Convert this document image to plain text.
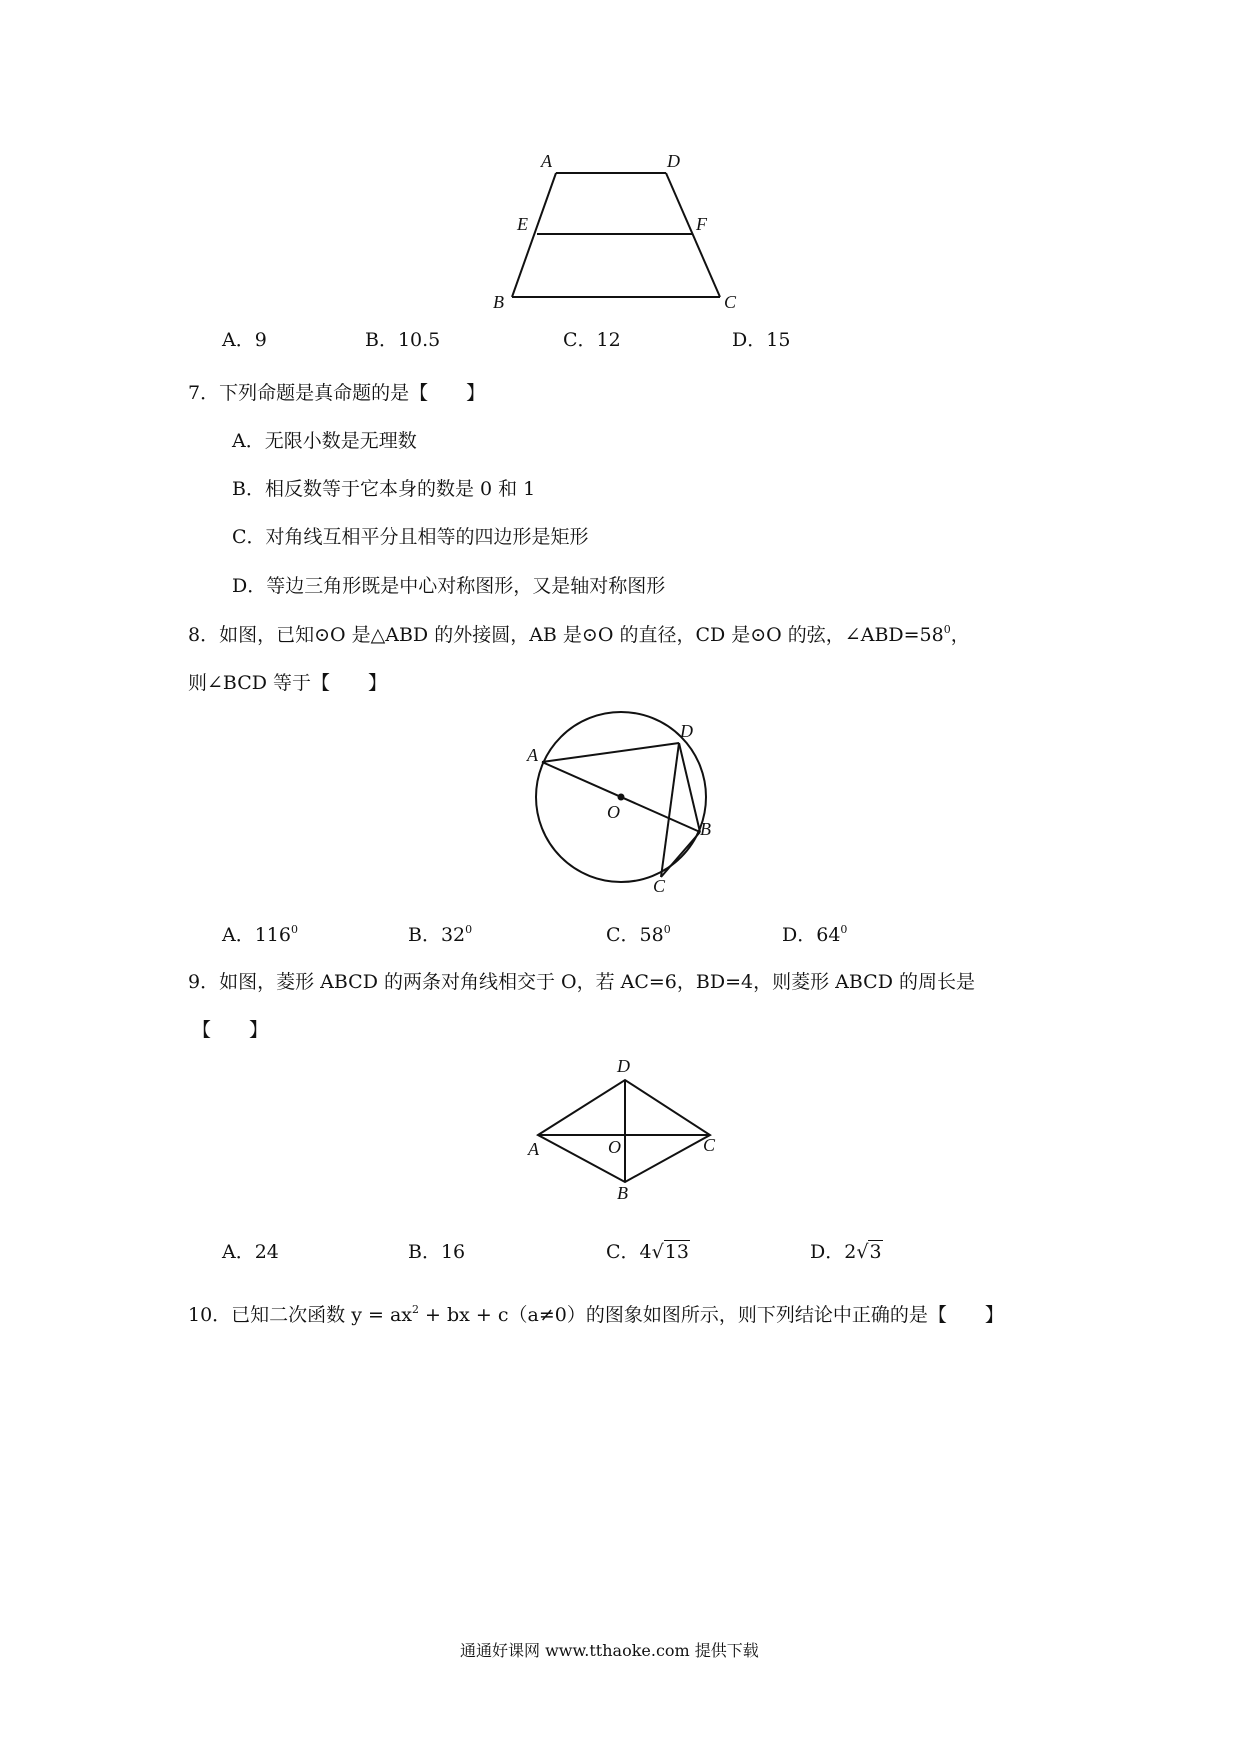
A	D
E	F
B	C
A．9	B．10.5	C．12	D．15
7．下列命题是真命题的是【　　】
A．无限小数是无理数
B．相反数等于它本身的数是 0 和 1
C．对角线互相平分且相等的四边形是矩形
D．等边三角形既是中心对称图形，又是轴对称图形
8．如图，已知⊙O 是△ABD 的外接圆，AB 是⊙O 的直径，CD 是⊙O 的弦，$\angle ABD=58^0$，
则∠BCD 等于【　　】
A
D
O
B
C
A．$116^0$	B．$32^0$	C．$58^0$	D．$64^0$
9．如图，菱形 ABCD 的两条对角线相交于 O，若 AC=6，BD=4，则菱形 ABCD 的周长是
【　　】
D
A	O	C
B
A．24	B．16	C．4√13	D．2√3
10．已知二次函数 $y = ax^2$ + bx + c（a≠0）的图象如图所示，则下列结论中正确的是【　　】
通通好课网 www.tthaoke.com 提供下载
